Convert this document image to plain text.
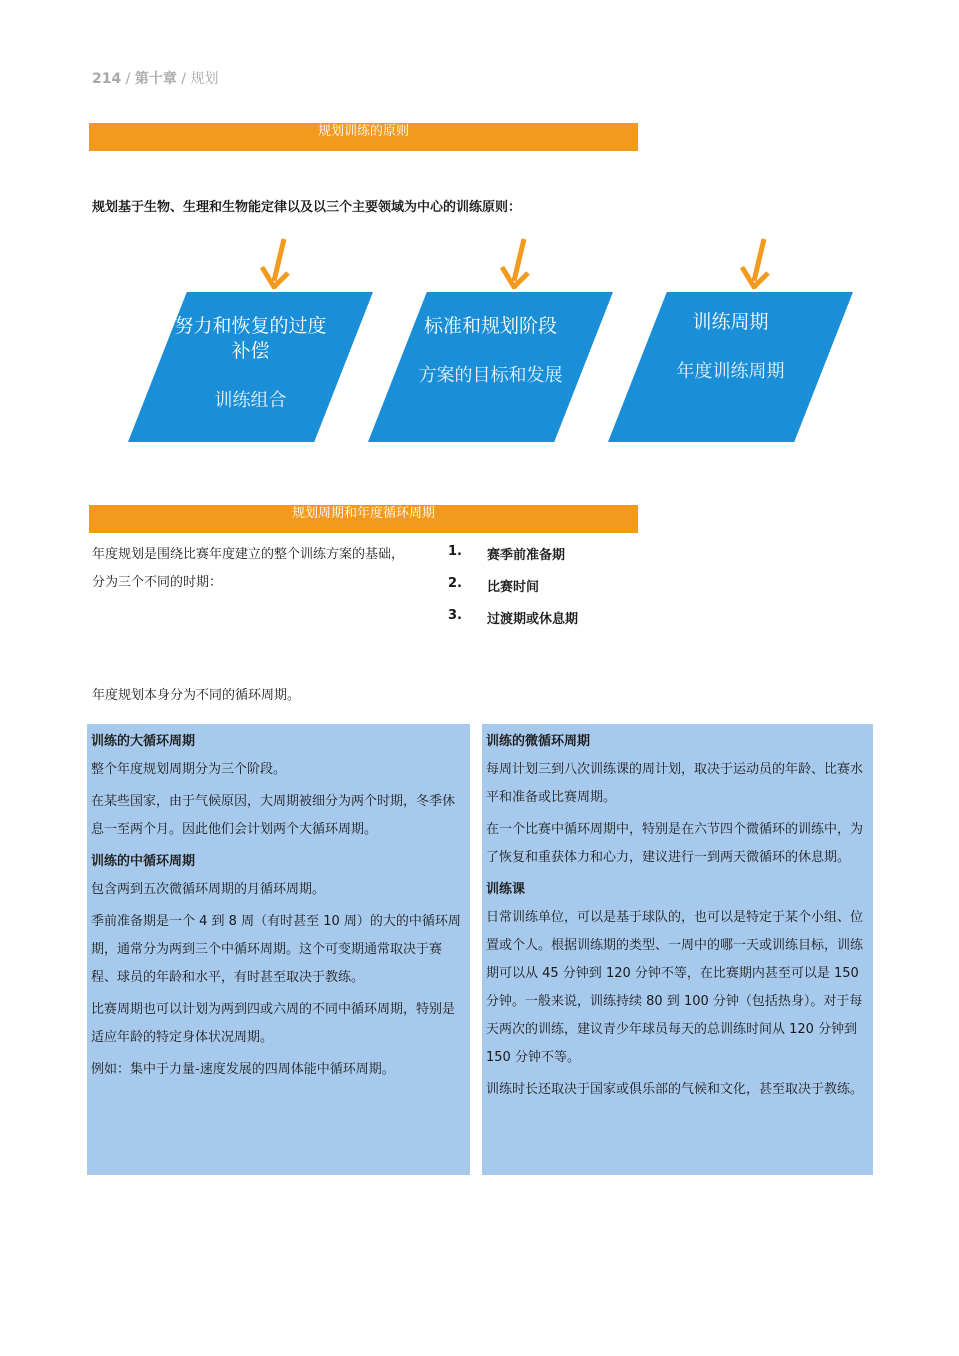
214 / 第十章 / 规划
规划训练的原则
规划基于生物、生理和生物能定律以及以三个主要领域为中心的训练原则：
努力和恢复的过度
补偿
训练组合
标准和规划阶段
方案的目标和发展
训练周期
年度训练周期
规划周期和年度循环周期
年度规划是围绕比赛年度建立的整个训练方案的基础，
分为三个不同的时期：
1.	赛季前准备期
2.	比赛时间
3.	过渡期或休息期
年度规划本身分为不同的循环周期。
训练的大循环周期

整个年度规划周期分为三个阶段。

在某些国家，由于气候原因，大周期被细分为两个时期，冬季休息一至两个月。因此他们会计划两个大循环周期。

训练的中循环周期

包含两到五次微循环周期的月循环周期。

季前准备期是一个 4 到 8 周（有时甚至 10 周）的大的中循环周期，通常分为两到三个中循环周期。这个可变期通常取决于赛程、球员的年龄和水平，有时甚至取决于教练。

比赛周期也可以计划为两到四或六周的不同中循环周期，特别是适应年龄的特定身体状况周期。

例如：集中于力量-速度发展的四周体能中循环周期。

训练的微循环周期

每周计划三到八次训练课的周计划，取决于运动员的年龄、比赛水平和准备或比赛周期。

在一个比赛中循环周期中，特别是在六节四个微循环的训练中，为了恢复和重获体力和心力，建议进行一到两天微循环的休息期。

训练课

日常训练单位，可以是基于球队的，也可以是特定于某个小组、位置或个人。根据训练期的类型、一周中的哪一天或训练目标，训练期可以从 45 分钟到 120 分钟不等，在比赛期内甚至可以是 150 分钟。一般来说，训练持续 80 到 100 分钟（包括热身）。对于每天两次的训练，建议青少年球员每天的总训练时间从 120 分钟到 150 分钟不等。

训练时长还取决于国家或俱乐部的气候和文化，甚至取决于教练。
